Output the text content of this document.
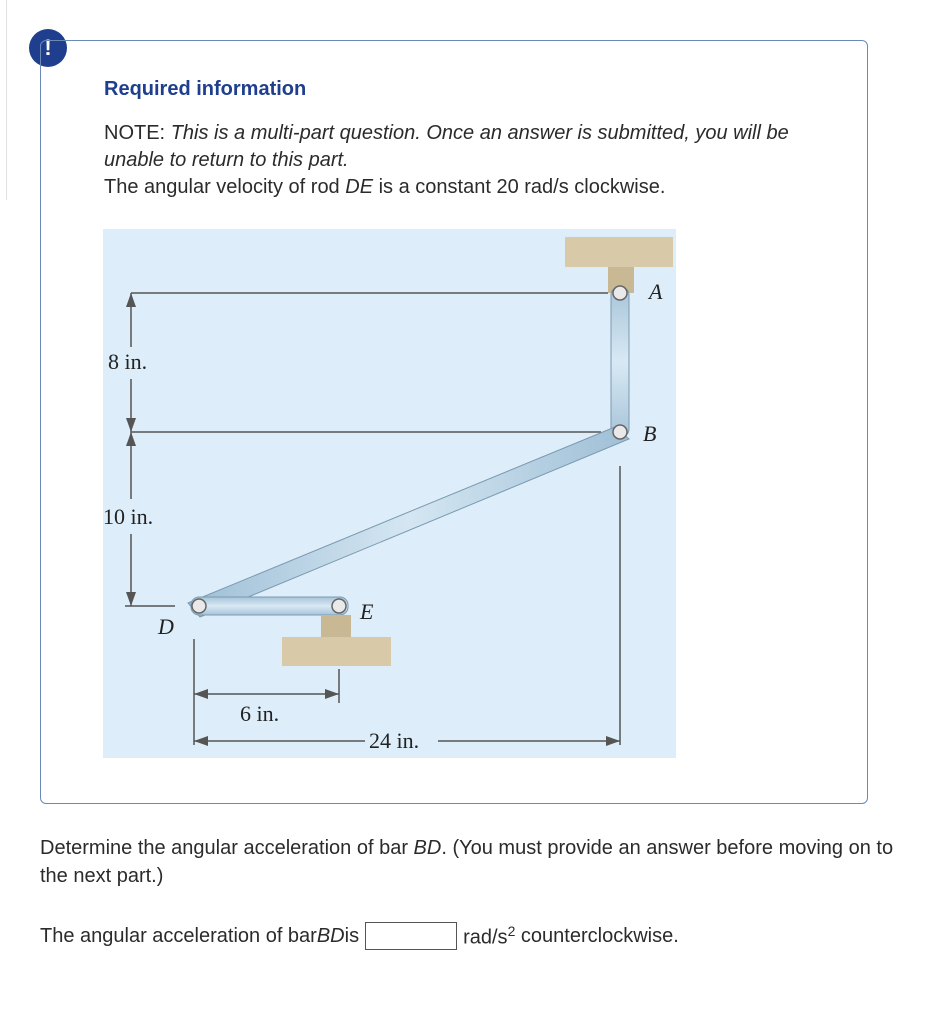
!
Required information
NOTE: This is a multi-part question. Once an answer is submitted, you will be unable to return to this part.
The angular velocity of rod DE is a constant 20 rad/s clockwise.
8 in.
10 in.
A
B
D
E
6 in.
24 in.
Determine the angular acceleration of bar BD. (You must provide an answer before moving on to the next part.)
The angular acceleration of bar BD is	rad/$s^2$
counterclockwise.
